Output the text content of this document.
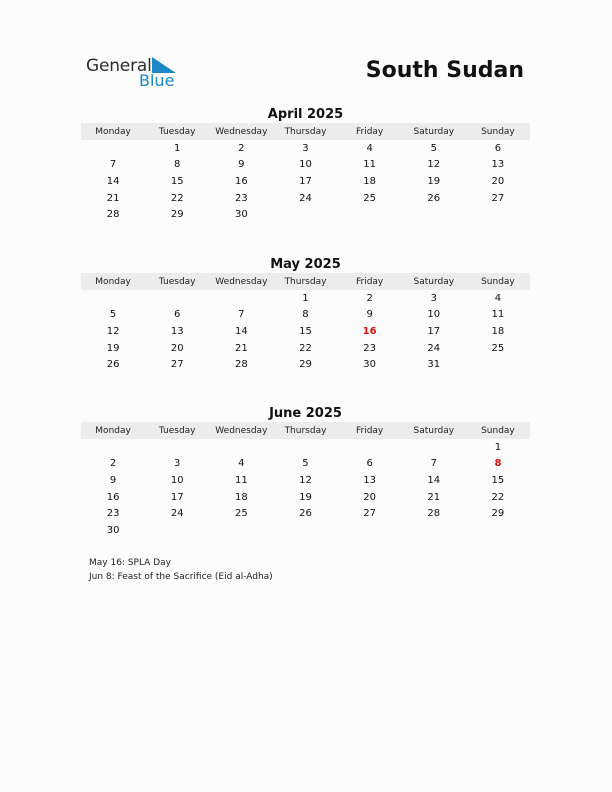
General
Blue	South Sudan
April 2025
Monday	Tuesday	Wednesday	Thursday	Friday	Saturday	Sunday
	1	2	3	4	5	6
7	8	9	10	11	12	13
14	15	16	17	18	19	20
21	22	23	24	25	26	27
28	29	30				
May 2025
Monday	Tuesday	Wednesday	Thursday	Friday	Saturday	Sunday
			1	2	3	4
5	6	7	8	9	10	11
12	13	14	15	16	17	18
19	20	21	22	23	24	25
26	27	28	29	30	31	
June 2025
Monday	Tuesday	Wednesday	Thursday	Friday	Saturday	Sunday
						1
2	3	4	5	6	7	8
9	10	11	12	13	14	15
16	17	18	19	20	21	22
23	24	25	26	27	28	29
30						
May 16: SPLA Day
Jun 8: Feast of the Sacrifice (Eid al-Adha)
